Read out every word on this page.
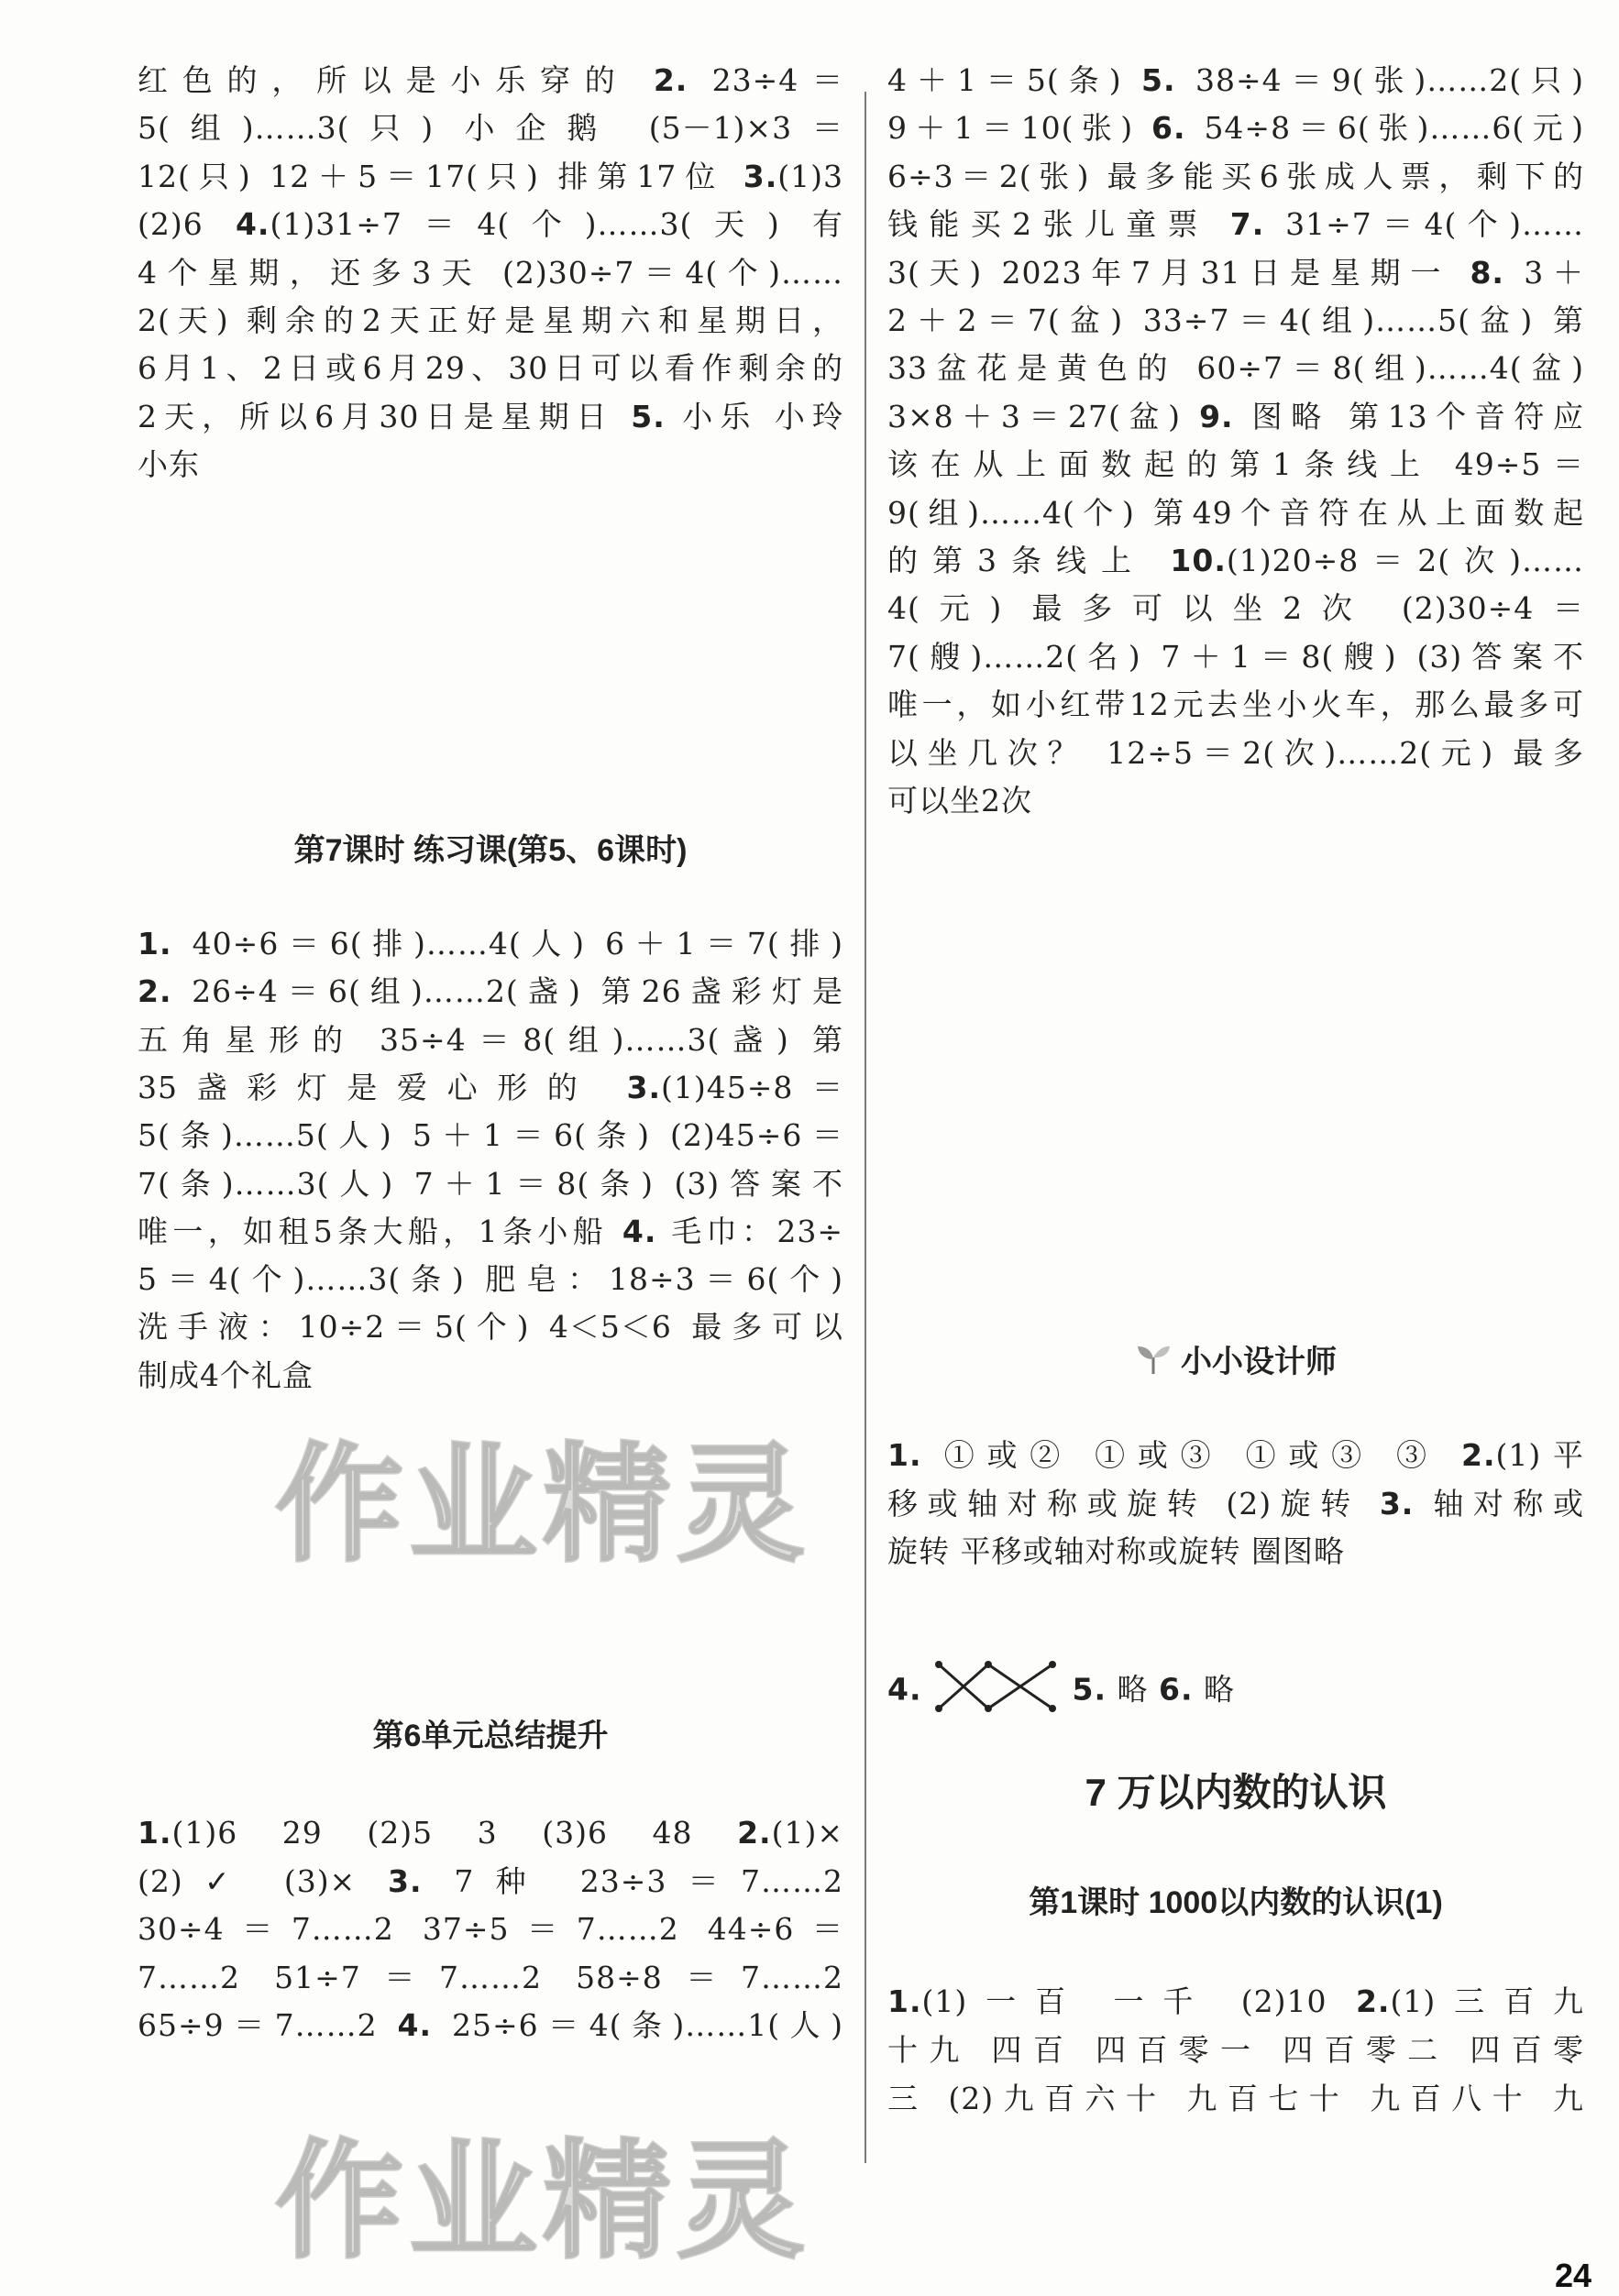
红色的，所以是小乐穿的 2. 23÷4＝
5(组)……3(只) 小企鹅 (5－1)×3＝
12(只) 12＋5＝17(只) 排第17位 3.(1)3
(2)6 4.(1)31÷7＝4(个)……3(天) 有
4个星期，还多3天 (2)30÷7＝4(个)……
2(天) 剩余的2天正好是星期六和星期日，
6月1、2日或6月29、30日可以看作剩余的
2天，所以6月30日是星期日 5. 小乐 小玲
小东
第7课时 练习课(第5、6课时)
1. 40÷6＝6(排)……4(人) 6＋1＝7(排)
2. 26÷4＝6(组)……2(盏) 第26盏彩灯是
五角星形的 35÷4＝8(组)……3(盏) 第
35盏彩灯是爱心形的 3.(1)45÷8＝
5(条)……5(人) 5＋1＝6(条) (2)45÷6＝
7(条)……3(人) 7＋1＝8(条) (3)答案不
唯一，如租5条大船，1条小船 4. 毛巾：23÷
5＝4(个)……3(条) 肥皂：18÷3＝6(个)
洗手液：10÷2＝5(个) 4＜5＜6 最多可以
制成4个礼盒
第6单元总结提升
1.(1)6 29 (2)5 3 (3)6 48 2.(1)×
(2)✓ (3)× 3. 7种 23÷3＝7……2
30÷4＝7……2 37÷5＝7……2 44÷6＝
7……2 51÷7＝7……2 58÷8＝7……2
65÷9＝7……2 4. 25÷6＝4(条)……1(人)
4＋1＝5(条) 5. 38÷4＝9(张)……2(只)
9＋1＝10(张) 6. 54÷8＝6(张)……6(元)
6÷3＝2(张) 最多能买6张成人票，剩下的
钱能买2张儿童票 7. 31÷7＝4(个)……
3(天) 2023年7月31日是星期一 8. 3＋
2＋2＝7(盆) 33÷7＝4(组)……5(盆) 第
33盆花是黄色的 60÷7＝8(组)……4(盆)
3×8＋3＝27(盆) 9. 图略 第13个音符应
该在从上面数起的第1条线上 49÷5＝
9(组)……4(个) 第49个音符在从上面数起
的第3条线上 10.(1)20÷8＝2(次)……
4(元) 最多可以坐2次 (2)30÷4＝
7(艘)……2(名) 7＋1＝8(艘) (3)答案不
唯一，如小红带12元去坐小火车，那么最多可
以坐几次？ 12÷5＝2(次)……2(元) 最多
可以坐2次
小小设计师
1. ①或② ①或③ ①或③ ③ 2.(1)平
移或轴对称或旋转 (2)旋转 3. 轴对称或
旋转 平移或轴对称或旋转 圈图略
4.	5. 略 6. 略
7 万以内数的认识
第1课时 1000以内数的认识(1)
1.(1)一百 一千 (2)10 2.(1)三百九
十九 四百 四百零一 四百零二 四百零
三 (2)九百六十 九百七十 九百八十 九
作业精灵
作业精灵	24
